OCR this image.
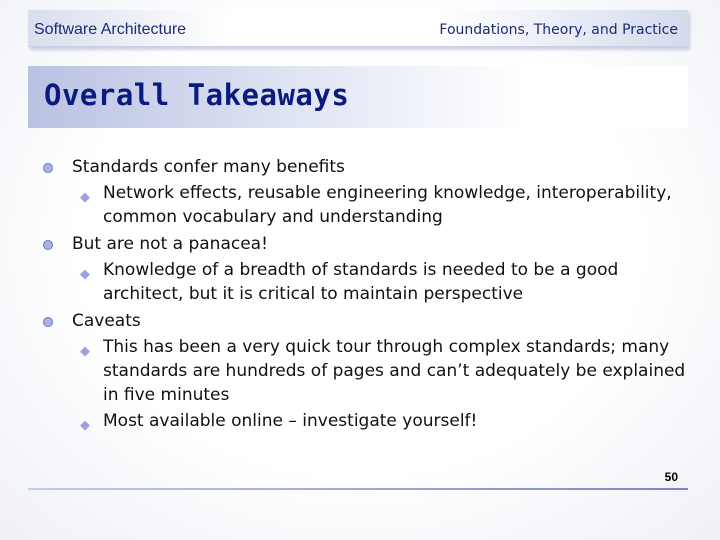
Software Architecture	Foundations, Theory, and Practice
Overall Takeaways
Standards confer many benefits
◆ Network effects, reusable engineering knowledge, interoperability, common vocabulary and understanding
But are not a panacea!
◆ Knowledge of a breadth of standards is needed to be a good architect, but it is critical to maintain perspective
Caveats
◆ This has been a very quick tour through complex standards; many standards are hundreds of pages and can’t adequately be explained in five minutes
◆ Most available online – investigate yourself!
50
